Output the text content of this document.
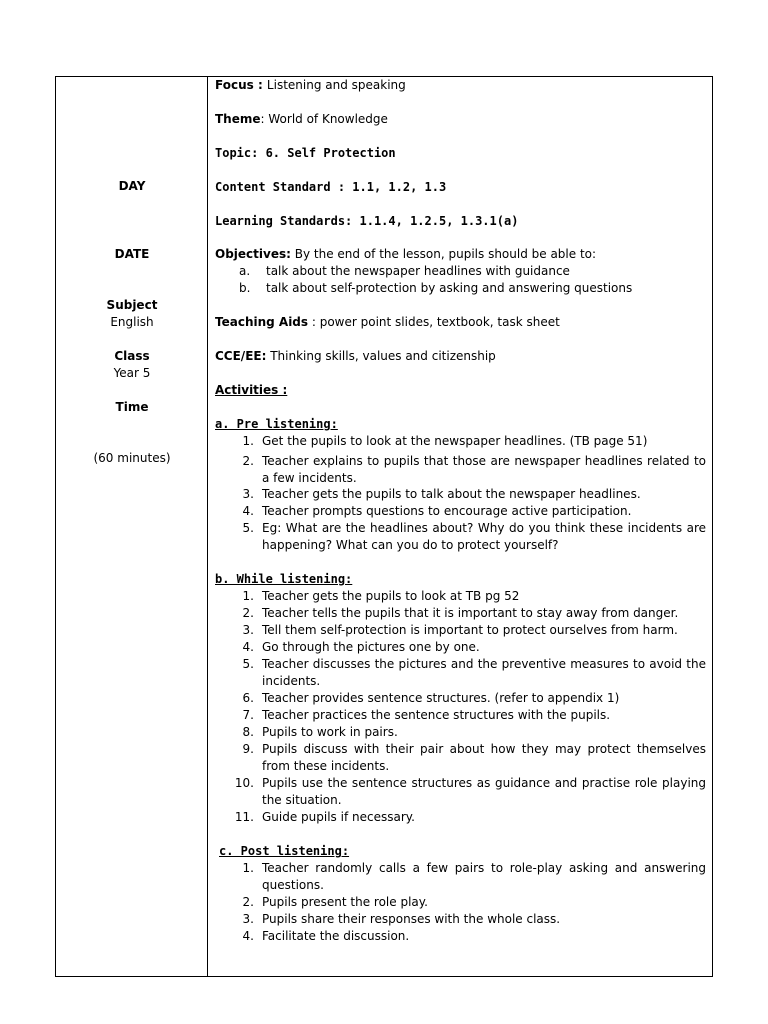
DAY
DATE
Subject
English
Class
Year 5
Time
(60 minutes)
Focus : Listening and speaking
Theme: World of Knowledge
Topic: 6. Self Protection
Content Standard : 1.1, 1.2, 1.3
Learning Standards: 1.1.4, 1.2.5, 1.3.1(a)
Objectives: By the end of the lesson, pupils should be able to:
a. talk about the newspaper headlines with guidance
b. talk about self-protection by asking and answering questions
Teaching Aids : power point slides, textbook, task sheet
CCE/EE: Thinking skills, values and citizenship
Activities :
a. Pre listening:
1. Get the pupils to look at the newspaper headlines. (TB page 51)
2. Teacher explains to pupils that those are newspaper headlines related to a few incidents.
3. Teacher gets the pupils to talk about the newspaper headlines.
4. Teacher prompts questions to encourage active participation.
5. Eg: What are the headlines about? Why do you think these incidents are happening? What can you do to protect yourself?
b. While listening:
1. Teacher gets the pupils to look at TB pg 52
2. Teacher tells the pupils that it is important to stay away from danger.
3. Tell them self-protection is important to protect ourselves from harm.
4. Go through the pictures one by one.
5. Teacher discusses the pictures and the preventive measures to avoid the incidents.
6. Teacher provides sentence structures. (refer to appendix 1)
7. Teacher practices the sentence structures with the pupils.
8. Pupils to work in pairs.
9. Pupils discuss with their pair about how they may protect themselves from these incidents.
10. Pupils use the sentence structures as guidance and practise role playing the situation.
11. Guide pupils if necessary.
c. Post listening:
1. Teacher randomly calls a few pairs to role-play asking and answering questions.
2. Pupils present the role play.
3. Pupils share their responses with the whole class.
4. Facilitate the discussion.
